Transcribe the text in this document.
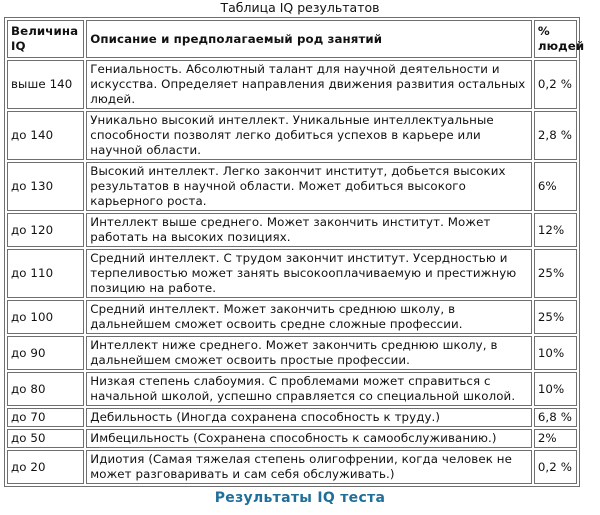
Таблица IQ результатов
Величина IQ	Описание и предполагаемый род занятий	% людей
выше 140	Гениальность. Абсолютный талант для научной деятельности и искусства. Определяет направления движения развития остальных людей.	0,2 %
до 140	Уникально высокий интеллект. Уникальные интеллектуальные способности позволят легко добиться успехов в карьере или научной области.	2,8 %
до 130	Высокий интеллект. Легко закончит институт, добьется высоких результатов в научной области. Может добиться высокого карьерного роста.	6%
до 120	Интеллект выше среднего. Может закончить институт. Может работать на высоких позициях.	12%
до 110	Средний интеллект. С трудом закончит институт. Усердностью и терпеливостью может занять высокооплачиваемую и престижную позицию на работе.	25%
до 100	Средний интеллект. Может закончить среднюю школу, в дальнейшем сможет освоить средне сложные профессии.	25%
до 90	Интеллект ниже среднего. Может закончить среднюю школу, в дальнейшем сможет освоить простые профессии.	10%
до 80	Низкая степень слабоумия. С проблемами может справиться с начальной школой, успешно справляется со специальной школой.	10%
до 70	Дебильность (Иногда сохранена способность к труду.)	6,8 %
до 50	Имбецильность (Сохранена способность к самообслуживанию.)	2%
до 20	Идиотия (Самая тяжелая степень олигофрении, когда человек не может разговаривать и сам себя обслуживать.)	0,2 %
Результаты IQ теста
